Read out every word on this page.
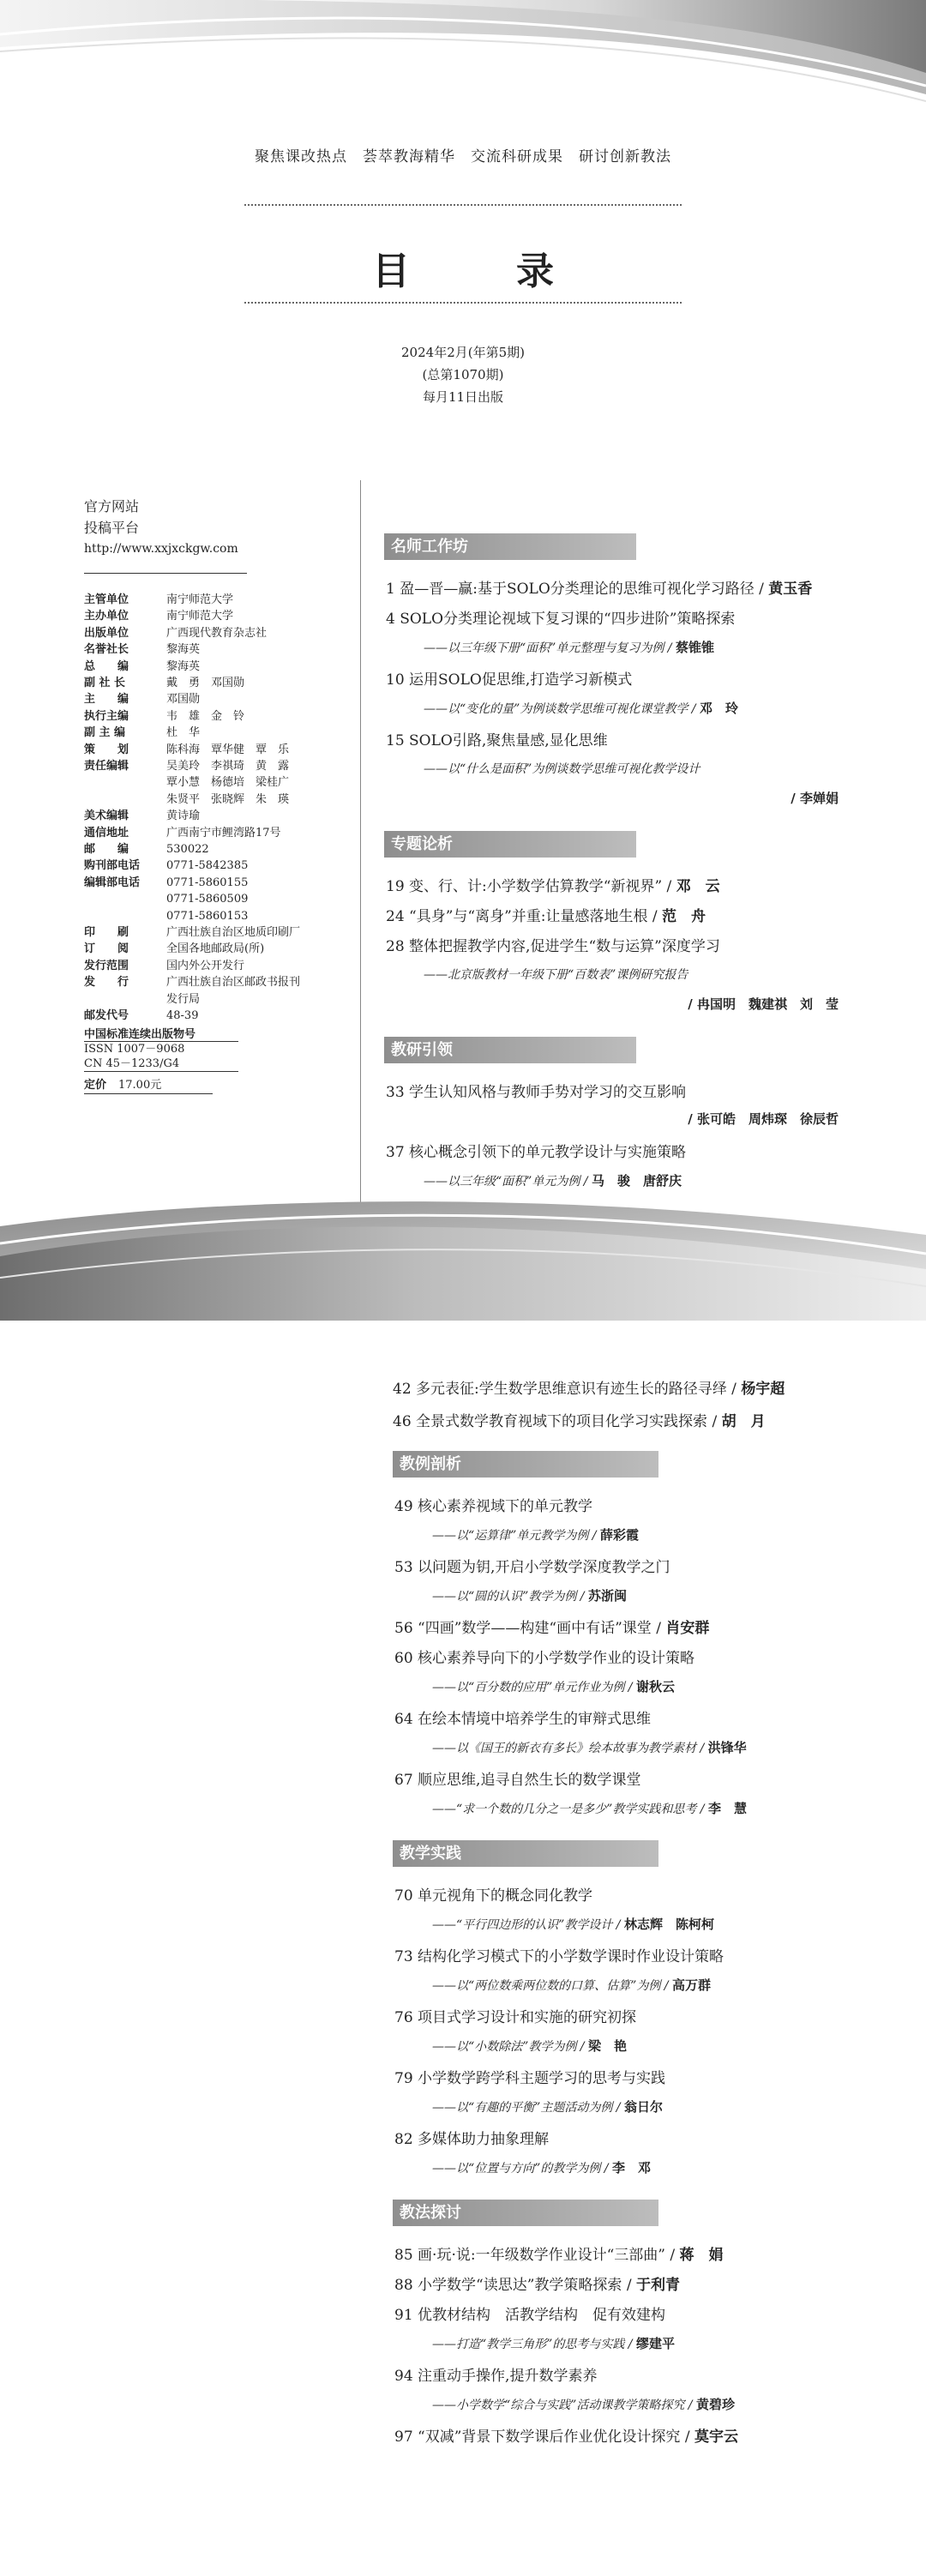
聚焦课改热点　荟萃教海精华　交流科研成果　研讨创新教法
目　录
2024年2月(年第5期)
(总第1070期)
每月11日出版
官方网站
投稿平台
http://www.xxjxckgw.com
主管单位	南宁师范大学
主办单位	南宁师范大学
出版单位	广西现代教育杂志社
名誉社长	黎海英
总　　编	黎海英
副 社 长	戴　勇　邓国勋
主　　编	邓国勋
执行主编	韦　雄　金　铃
副 主 编	杜　华
策　　划	陈科海　覃华健　覃　乐
责任编辑	吴美玲　李祺琦　黄　露
覃小慧　杨德培　梁桂广
朱贤平　张晓辉　朱　瑛
美术编辑	黄诗瑜
通信地址	广西南宁市鲤湾路17号
邮　　编	530022
购刊部电话	0771-5842385
编辑部电话	0771-5860155
0771-5860509
0771-5860153
印　　刷	广西壮族自治区地质印刷厂
订　　阅	全国各地邮政局(所)
发行范围	国内外公开发行
发　　行	广西壮族自治区邮政书报刊
发行局
邮发代号	48-39
中国标准连续出版物号
ISSN 1007－9068
CN 45－1233/G4
定价	17.00元
名师工作坊
1 盈—晋—赢:基于SOLO分类理论的思维可视化学习路径 / 黄玉香
4 SOLO分类理论视域下复习课的“四步进阶”策略探索
——以三年级下册“面积”单元整理与复习为例 / 蔡锥锥
10 运用SOLO促思维,打造学习新模式
——以“变化的量”为例谈数学思维可视化课堂教学 / 邓　玲
15 SOLO引路,聚焦量感,显化思维
——以“什么是面积”为例谈数学思维可视化教学设计
/ 李婵娟
专题论析
19 变、行、计:小学数学估算教学“新视界” / 邓　云
24 “具身”与“离身”并重:让量感落地生根 / 范　舟
28 整体把握教学内容,促进学生“数与运算”深度学习
——北京版教材一年级下册“百数表”课例研究报告
/ 冉国明　魏建祺　刘　莹
教研引领
33 学生认知风格与教师手势对学习的交互影响
/ 张可皓　周炜琛　徐辰哲
37 核心概念引领下的单元教学设计与实施策略
——以三年级“面积”单元为例 / 马　骏　唐舒庆
42 多元表征:学生数学思维意识有迹生长的路径寻绎 / 杨宇超
46 全景式数学教育视域下的项目化学习实践探索 / 胡　月
教例剖析
49 核心素养视域下的单元教学
——以“运算律”单元教学为例 / 薛彩霞
53 以问题为钥,开启小学数学深度教学之门
——以“圆的认识”教学为例 / 苏浙闽
56 “四画”数学——构建“画中有话”课堂 / 肖安群
60 核心素养导向下的小学数学作业的设计策略
——以“百分数的应用”单元作业为例 / 谢秋云
64 在绘本情境中培养学生的审辩式思维
——以《国王的新衣有多长》绘本故事为教学素材 / 洪锋华
67 顺应思维,追寻自然生长的数学课堂
——“求一个数的几分之一是多少”教学实践和思考 / 李　慧
教学实践
70 单元视角下的概念同化教学
——“平行四边形的认识”教学设计 / 林志辉　陈柯柯
73 结构化学习模式下的小学数学课时作业设计策略
——以“两位数乘两位数的口算、估算”为例 / 高万群
76 项目式学习设计和实施的研究初探
——以“小数除法”教学为例 / 梁　艳
79 小学数学跨学科主题学习的思考与实践
——以“有趣的平衡”主题活动为例 / 翁日尔
82 多媒体助力抽象理解
——以“位置与方向”的教学为例 / 李　邓
教法探讨
85 画·玩·说:一年级数学作业设计“三部曲” / 蒋　娟
88 小学数学“读思达”教学策略探索 / 于利青
91 优教材结构　活教学结构　促有效建构
——打造“教学三角形”的思考与实践 / 缪建平
94 注重动手操作,提升数学素养
——小学数学“综合与实践”活动课教学策略探究 / 黄碧珍
97 “双减”背景下数学课后作业优化设计探究 / 莫宇云
